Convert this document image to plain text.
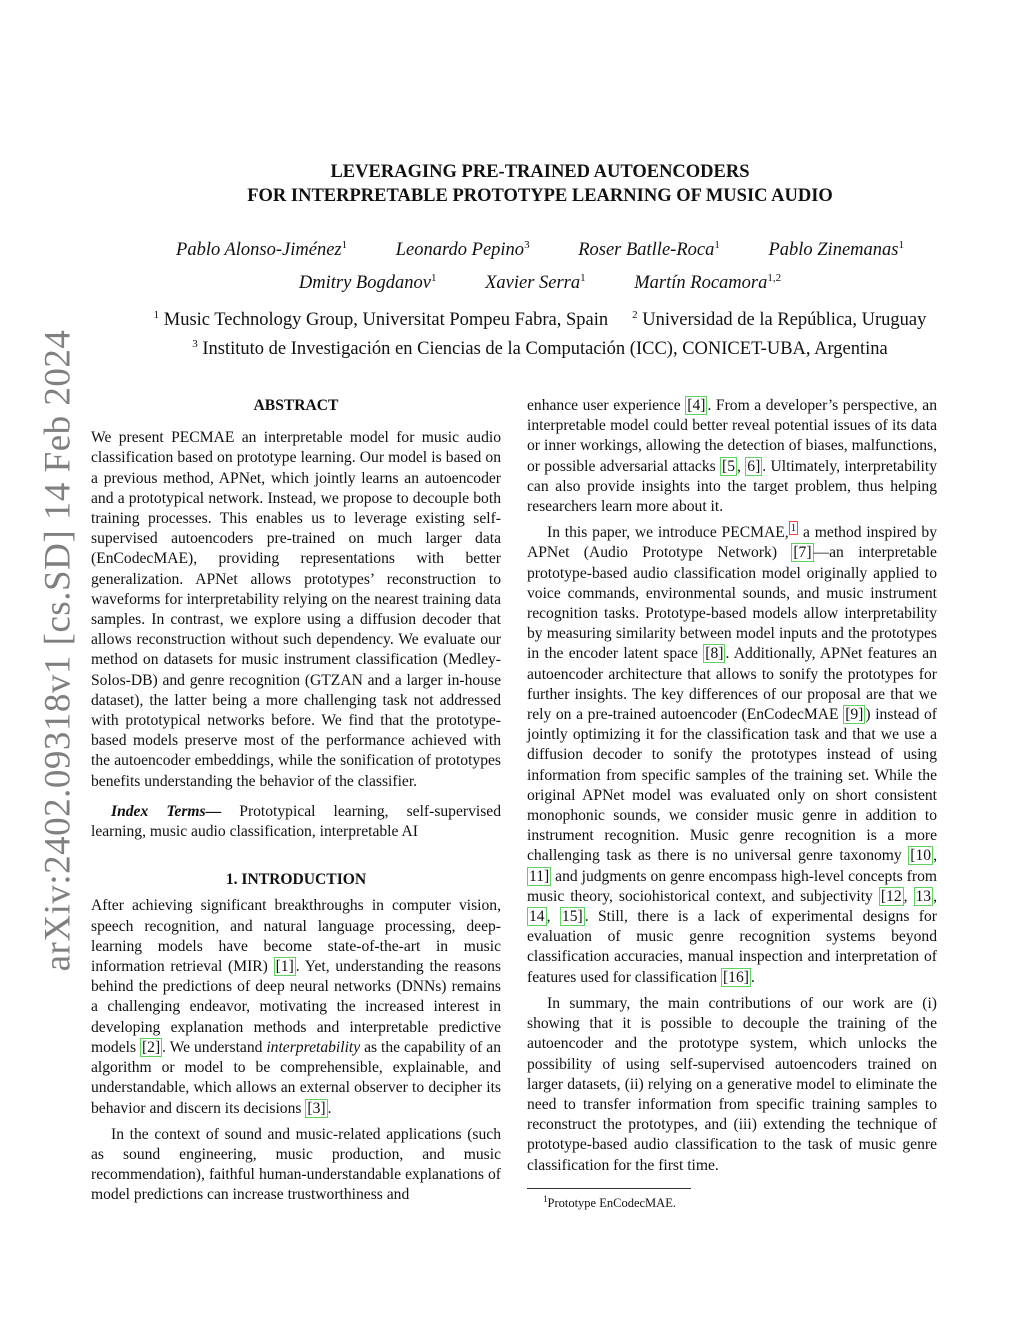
arXiv:2402.09318v1 [cs.SD] 14 Feb 2024
LEVERAGING PRE-TRAINED AUTOENCODERS
FOR INTERPRETABLE PROTOTYPE LEARNING OF MUSIC AUDIO
Pablo Alonso-Jiménez$^1$	Leonardo Pepino$^3$	Roser Batlle-Roca$^1$	Pablo Zinemanas$^1$
Dmitry Bogdanov$^1$	Xavier Serra$^1$	Martín Rocamora$^{1,2}$
$^1$ Music Technology Group, Universitat Pompeu Fabra, Spain $^2$ Universidad de la República, Uruguay
$^3$ Instituto de Investigación en Ciencias de la Computación (ICC), CONICET-UBA, Argentina
ABSTRACT

We present PECMAE an interpretable model for music audio classification based on prototype learning. Our model is based on a previous method, APNet, which jointly learns an autoencoder and a prototypical network. Instead, we propose to decouple both training processes. This enables us to leverage existing self-supervised autoencoders pre-trained on much larger data (EnCodecMAE), providing representations with better generalization. APNet allows prototypes’ reconstruction to waveforms for interpretability relying on the nearest training data samples. In contrast, we explore using a diffusion decoder that allows reconstruction without such dependency. We evaluate our method on datasets for music instrument classification (Medley-Solos-DB) and genre recognition (GTZAN and a larger in-house dataset), the latter being a more challenging task not addressed with prototypical networks before. We find that the prototype-based models preserve most of the performance achieved with the autoencoder embeddings, while the sonification of prototypes benefits understanding the behavior of the classifier.

Index Terms— Prototypical learning, self-supervised learning, music audio classification, interpretable AI

1. INTRODUCTION

After achieving significant breakthroughs in computer vision, speech recognition, and natural language processing, deep-learning models have become state-of-the-art in music information retrieval (MIR) [1] . Yet, understanding the reasons behind the predictions of deep neural networks (DNNs) remains a challenging endeavor, motivating the increased interest in developing explanation methods and interpretable predictive models [2] . We understand interpretability as the capability of an algorithm or model to be comprehensible, explainable, and understandable, which allows an external observer to decipher its behavior and discern its decisions [3] .

In the context of sound and music-related applications (such as sound engineering, music production, and music recommendation), faithful human-understandable explanations of model predictions can increase trustworthiness and

enhance user experience [4] . From a developer’s perspective, an interpretable model could better reveal potential issues of its data or inner workings, allowing the detection of biases, malfunctions, or possible adversarial attacks [5 , 6] . Ultimately, interpretability can also provide insights into the target problem, thus helping researchers learn more about it.

In this paper, we introduce PECMAE, $^1$ a method inspired by APNet (Audio Prototype Network) [7] —an interpretable prototype-based audio classification model originally applied to voice commands, environmental sounds, and music instrument recognition tasks. Prototype-based models allow interpretability by measuring similarity between model inputs and the prototypes in the encoder latent space [8] . Additionally, APNet features an autoencoder architecture that allows to sonify the prototypes for further insights. The key differences of our proposal are that we rely on a pre-trained autoencoder (EnCodecMAE [9] ) instead of jointly optimizing it for the classification task and that we use a diffusion decoder to sonify the prototypes instead of using information from specific samples of the training set. While the original APNet model was evaluated only on short consistent monophonic sounds, we consider music genre in addition to instrument recognition. Music genre recognition is a more challenging task as there is no universal genre taxonomy [10 , 11] and judgments on genre encompass high-level concepts from music theory, sociohistorical context, and subjectivity [12 , 13 , 14 , 15] . Still, there is a lack of experimental designs for evaluation of music genre recognition systems beyond classification accuracies, manual inspection and interpretation of features used for classification [16] .

In summary, the main contributions of our work are (i) showing that it is possible to decouple the training of the autoencoder and the prototype system, which unlocks the possibility of using self-supervised autoencoders trained on larger datasets, (ii) relying on a generative model to eliminate the need to transfer information from specific training samples to reconstruct the prototypes, and (iii) extending the technique of prototype-based audio classification to the task of music genre classification for the first time.

$^1$Prototype EnCodecMAE.
